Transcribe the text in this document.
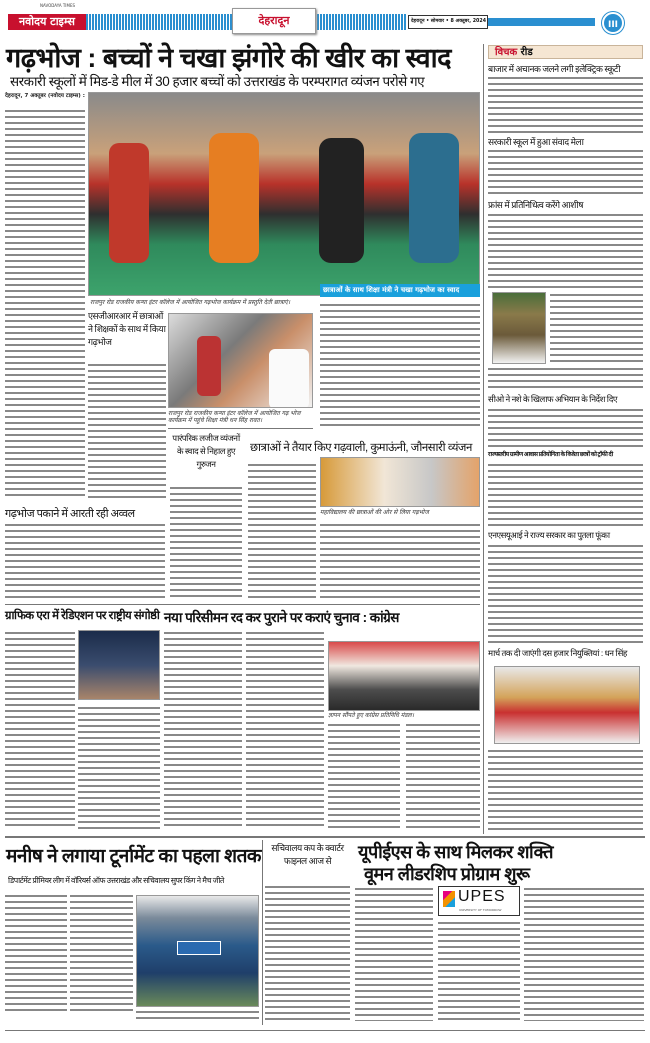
NAVODAYA TIMES
नवोदय टाइम्स	देहरादून	देहरादून • सोमवार • 8 अक्तूबर, 2024	III
गढ़भोज : बच्चों ने चखा झंगोरे की खीर का स्वाद
सरकारी स्कूलों में मिड-डे मील में 30 हजार बच्चों को उत्तराखंड के परम्परागत व्यंजन परोसे गए
देहरादून, 7 अक्तूबर (नवोदय टाइम्स) :
राजपुर रोड राजकीय कन्या इंटर कॉलेज में आयोजित गढ़भोज कार्यक्रम में प्रस्तुति देती छात्राएं।
छात्राओं के साथ शिक्षा मंत्री ने चखा गढ़भोज का स्वाद
एसजीआरआर में छात्राओं ने शिक्षकों के साथ में किया गढ़भोज
राजपुर रोड राजकीय कन्या इंटर कॉलेज में आयोजित गढ़ भोज कार्यक्रम में पहुंचे शिक्षा मंत्री धन सिंह रावत।
पारंपरिक लजीज व्यंजनों के स्वाद से निहाल हुए गुरुजन
छात्राओं ने तैयार किए गढ़वाली, कुमाऊंनी, जौनसारी व्यंजन
महाविद्यालय की छात्राओं की ओर से लिया गढ़भोज
गढ़भोज पकाने में आरती रही अव्वल
ग्राफिक एरा में रेडिएशन पर राष्ट्रीय संगोष्ठी नया परिसीमन रद कर पुराने पर कराएं चुनाव : कांग्रेस
ज्ञापन सौंपते हुए कांग्रेस प्रतिनिधि मंडल।
विचक रीड
बाजार में अचानक जलने लगी इलेक्ट्रिक स्कूटी
सरकारी स्कूल में हुआ संवाद मेला
फ्रांस में प्रतिनिधित्व करेंगे आशीष
सीओ ने नशे के खिलाफ अभियान के निर्देश दिए
राज्यस्तरीय ग्रामीण आवास प्रतियोगिता के विजेता छात्रों को ट्रॉफी दी
एनएसयूआई ने राज्य सरकार का पुतला फूंका
मार्च तक दी जाएंगी दस हजार नियुक्तियां : धन सिंह
मनीष ने लगाया टूर्नामेंट का पहला शतक
डिपार्टमेंट प्रीमियर लीग में वॉरियर्स ऑफ उत्तराखंड और सचिवालय सुपर किंग ने मैच जीते
सचिवालय कप के क्वार्टर फाइनल आज से	यूपीईएस के साथ मिलकर शक्ति
वूमन लीडरशिप प्रोग्राम शुरू
UPES
UNIVERSITY OF TOMORROW
